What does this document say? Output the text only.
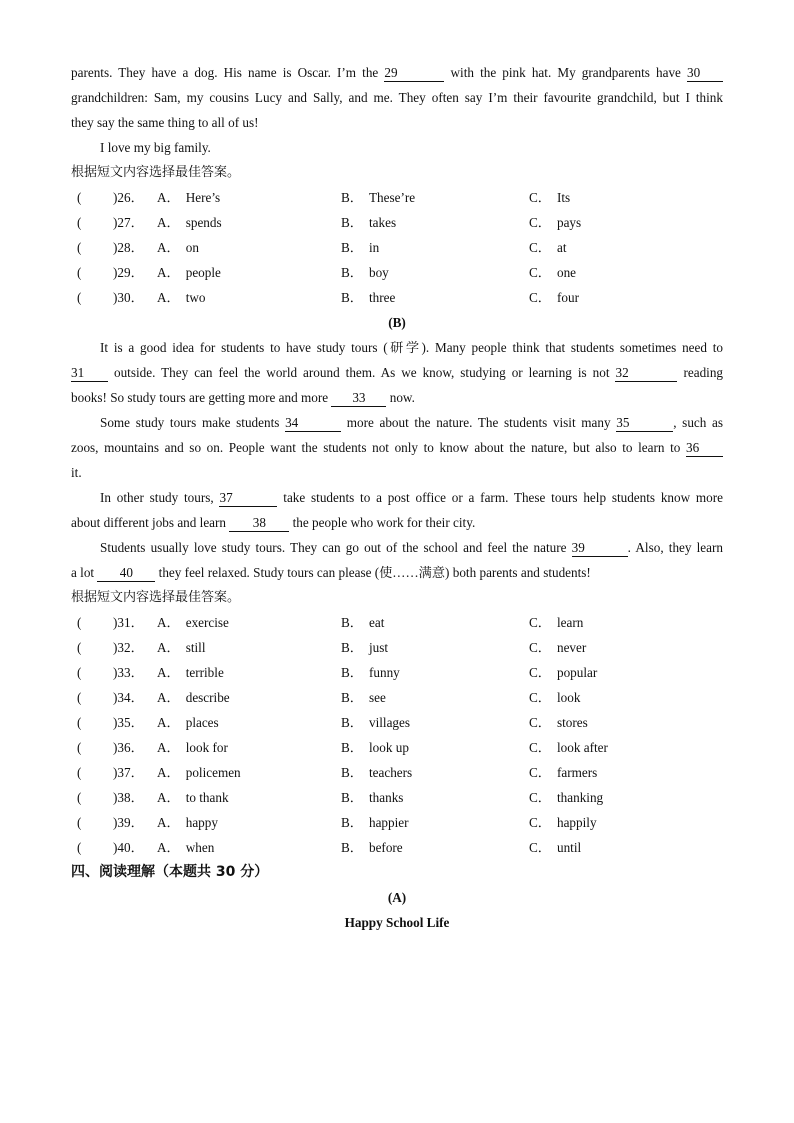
parents. They have a dog. His name is Oscar. I’m the 29	with the pink hat. My grandparents have 30
grandchildren: Sam, my cousins Lucy and Sally, and me. They often say I’m their favourite grandchild, but I think
they say the same thing to all of us!
I love my big family.
根据短文内容选择最佳答案。
( )26． A． Here’s	B． These’re	C． Its
( )27． A． spends	B． takes	C． pays
( )28． A． on	B． in	C． at
( )29． A． people	B． boy	C． one
( )30． A． two	B． three	C． four
(B)
It is a good idea for students to have study tours (研学). Many people think that students sometimes need to
31 outside. They can feel the world around them. As we know, studying or learning is not 32	reading
books! So study tours are getting more and more 33 now.
Some study tours make students 34	more about the nature. The students visit many 35	, such as
zoos, mountains and so on. People want the students not only to know about the nature, but also to learn to 36
it.
In other study tours, 37	take students to a post office or a farm. These tours help students know more
about different jobs and learn 38 the people who work for their city.
Students usually love study tours. They can go out of the school and feel the nature 39	. Also, they learn
a lot 40 they feel relaxed. Study tours can please (使……满意) both parents and students!
根据短文内容选择最佳答案。
( )31． A． exercise	B． eat	C． learn
( )32． A． still	B． just	C． never
( )33． A． terrible	B． funny	C． popular
( )34． A． describe	B． see	C． look
( )35． A． places	B． villages	C． stores
( )36． A． look for	B． look up	C． look after
( )37． A． policemen	B． teachers	C． farmers
( )38． A． to thank	B． thanks	C． thanking
( )39． A． happy	B． happier	C． happily
( )40． A． when	B． before	C． until
四、阅读理解（本题共 30 分）
(A)
Happy School Life
